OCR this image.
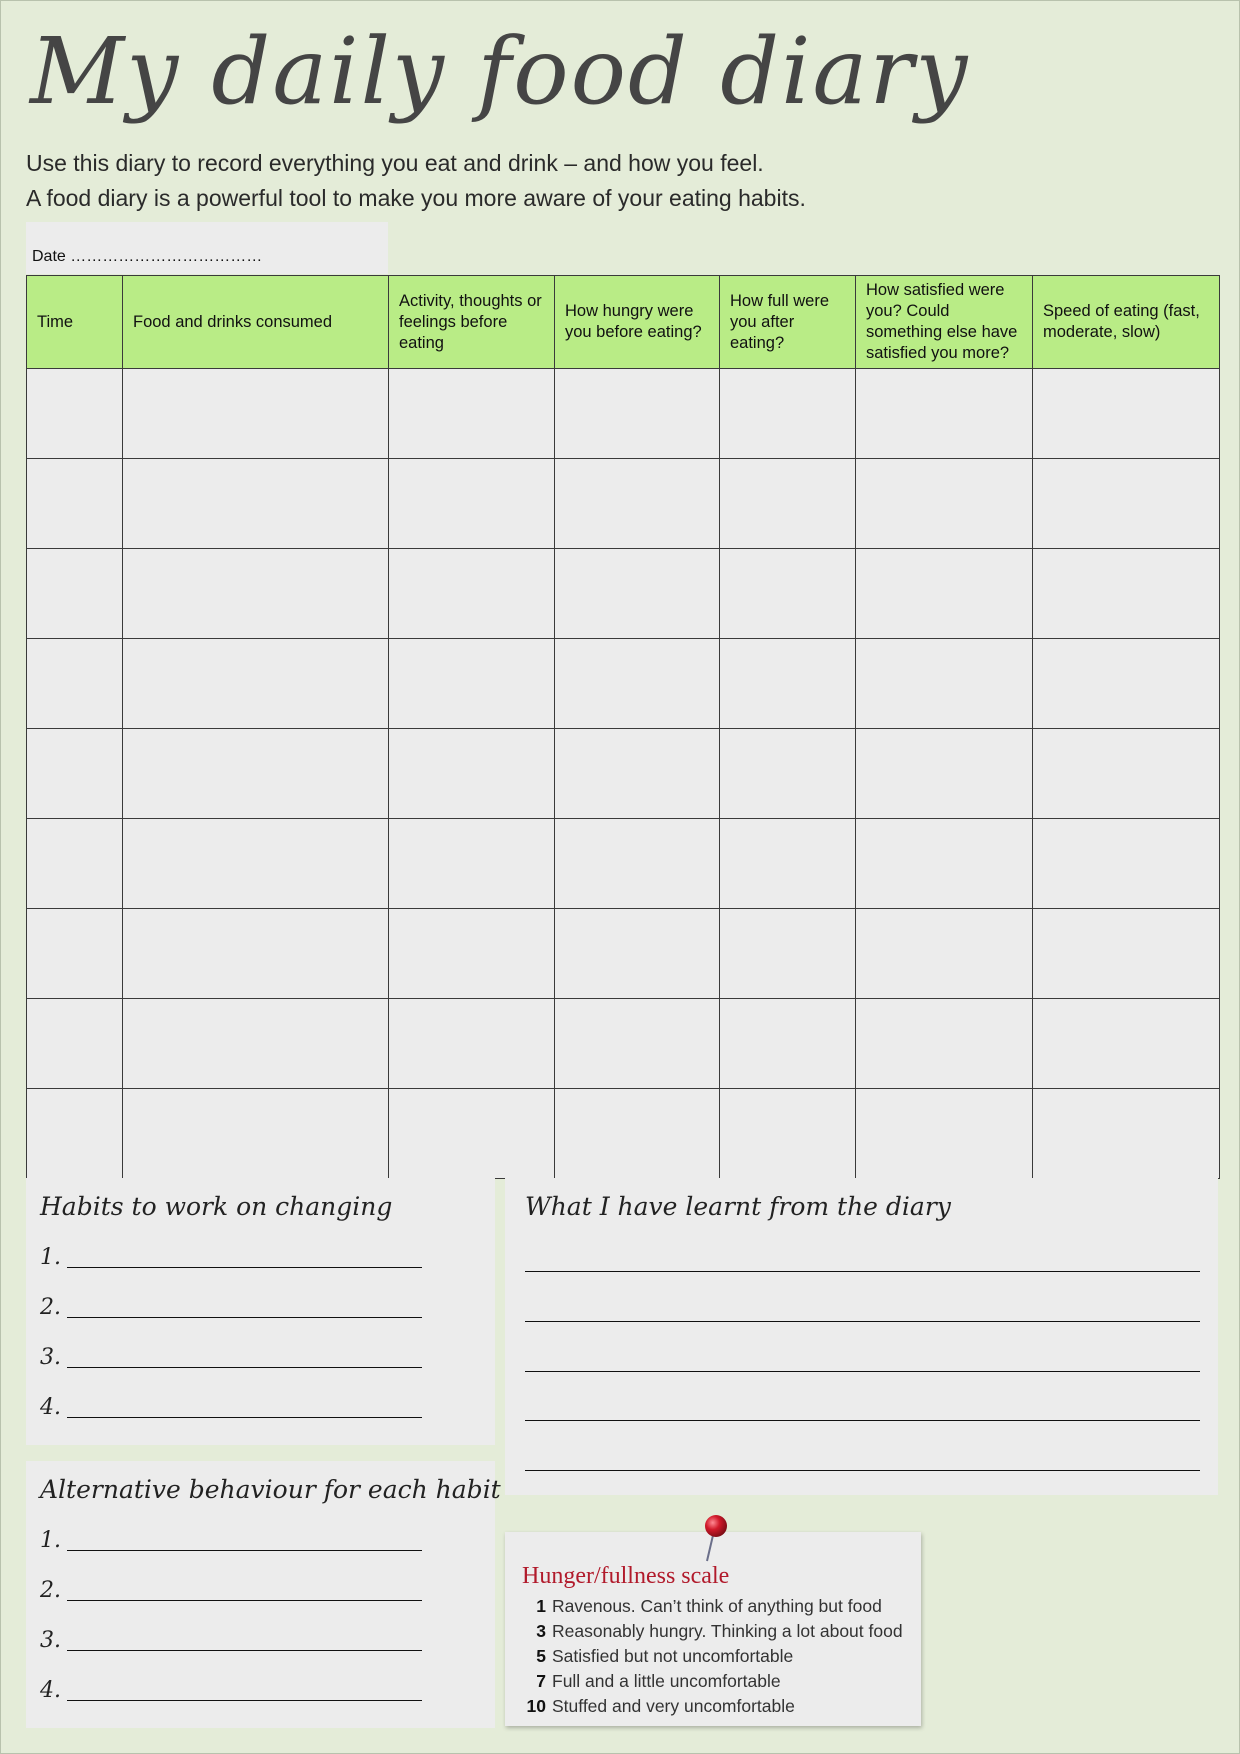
My daily food diary
Use this diary to record everything you eat and drink – and how you feel.
A food diary is a powerful tool to make you more aware of your eating habits.
Date ………………………………
Time	Food and drinks consumed	Activity, thoughts or feelings before eating	How hungry were you before eating?	How full were you after eating?	How satisfied were you? Could something else have satisfied you more?	Speed of eating (fast, moderate, slow)

Habits to work on changing
1.
2.
3.
4.
Alternative behaviour for each habit
1.
2.
3.
4.
What I have learnt from the diary
Hunger/fullness scale
1 Ravenous. Can’t think of anything but food
3 Reasonably hungry. Thinking a lot about food
5 Satisfied but not uncomfortable
7 Full and a little uncomfortable
10 Stuffed and very uncomfortable
